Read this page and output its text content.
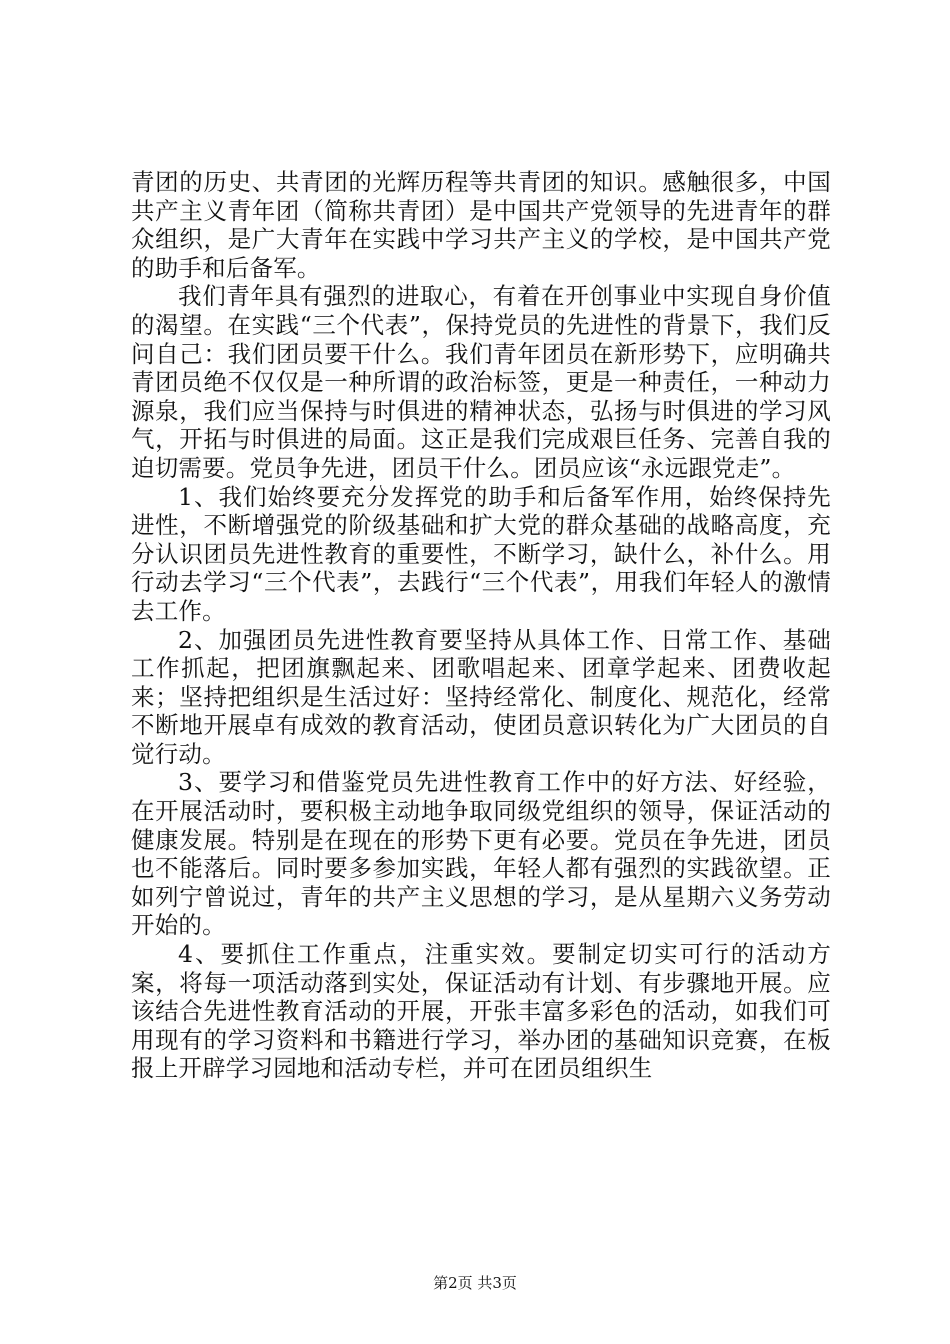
青团的历史、共青团的光辉历程等共青团的知识。感触很多，中国共产主义青年团（简称共青团）是中国共产党领导的先进青年的群众组织，是广大青年在实践中学习共产主义的学校，是中国共产党的助手和后备军。

我们青年具有强烈的进取心，有着在开创事业中实现自身价值的渴望。在实践“三个代表”，保持党员的先进性的背景下，我们反问自己：我们团员要干什么。我们青年团员在新形势下，应明确共青团员绝不仅仅是一种所谓的政治标签，更是一种责任，一种动力源泉，我们应当保持与时俱进的精神状态，弘扬与时俱进的学习风气，开拓与时俱进的局面。这正是我们完成艰巨任务、完善自我的迫切需要。党员争先进，团员干什么。团员应该“永远跟党走”。

1、我们始终要充分发挥党的助手和后备军作用，始终保持先进性，不断增强党的阶级基础和扩大党的群众基础的战略高度，充分认识团员先进性教育的重要性，不断学习，缺什么，补什么。用行动去学习“三个代表”，去践行“三个代表”，用我们年轻人的激情去工作。

2、加强团员先进性教育要坚持从具体工作、日常工作、基础工作抓起，把团旗飘起来、团歌唱起来、团章学起来、团费收起来；坚持把组织是生活过好：坚持经常化、制度化、规范化，经常不断地开展卓有成效的教育活动，使团员意识转化为广大团员的自觉行动。

3、要学习和借鉴党员先进性教育工作中的好方法、好经验，在开展活动时，要积极主动地争取同级党组织的领导，保证活动的健康发展。特别是在现在的形势下更有必要。党员在争先进，团员也不能落后。同时要多参加实践，年轻人都有强烈的实践欲望。正如列宁曾说过，青年的共产主义思想的学习，是从星期六义务劳动开始的。

4、要抓住工作重点，注重实效。要制定切实可行的活动方案，将每一项活动落到实处，保证活动有计划、有步骤地开展。应该结合先进性教育活动的开展，开张丰富多彩色的活动，如我们可用现有的学习资料和书籍进行学习，举办团的基础知识竞赛，在板报上开辟学习园地和活动专栏，并可在团员组织生

第2页 共3页
